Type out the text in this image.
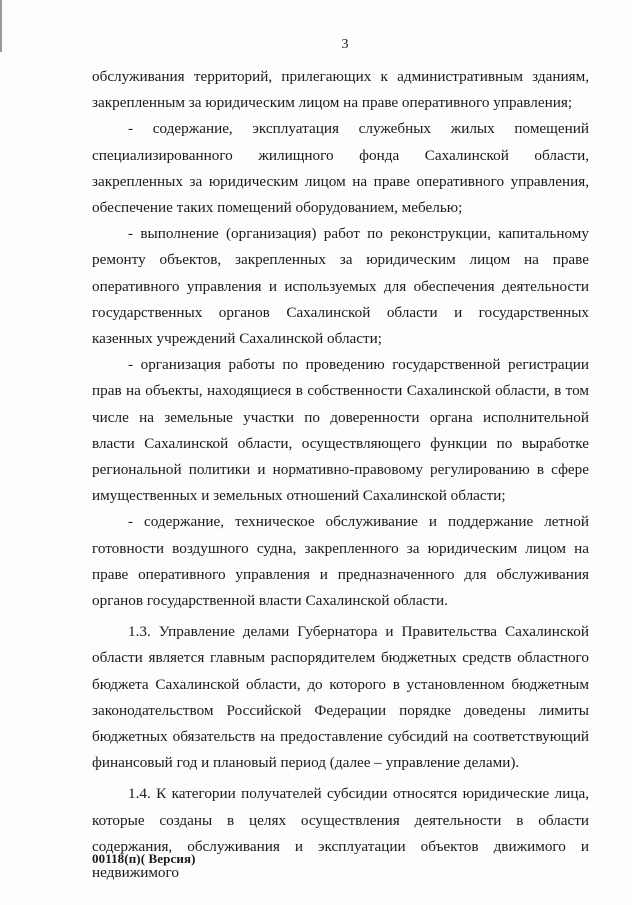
3

обслуживания территорий, прилегающих к административным зданиям, закрепленным за юридическим лицом на праве оперативного управления;

- содержание, эксплуатация служебных жилых помещений специализированного жилищного фонда Сахалинской области, закрепленных за юридическим лицом на праве оперативного управления, обеспечение таких помещений оборудованием, мебелью;

- выполнение (организация) работ по реконструкции, капитальному ремонту объектов, закрепленных за юридическим лицом на праве оперативного управления и используемых для обеспечения деятельности государственных органов Сахалинской области и государственных казенных учреждений Сахалинской области;

- организация работы по проведению государственной регистрации прав на объекты, находящиеся в собственности Сахалинской области, в том числе на земельные участки по доверенности органа исполнительной власти Сахалинской области, осуществляющего функции по выработке региональной политики и нормативно-правовому регулированию в сфере имущественных и земельных отношений Сахалинской области;

- содержание, техническое обслуживание и поддержание летной готовности воздушного судна, закрепленного за юридическим лицом на праве оперативного управления и предназначенного для обслуживания органов государственной власти Сахалинской области.

1.3. Управление делами Губернатора и Правительства Сахалинской области является главным распорядителем бюджетных средств областного бюджета Сахалинской области, до которого в установленном бюджетным законодательством Российской Федерации порядке доведены лимиты бюджетных обязательств на предоставление субсидий на соответствующий финансовый год и плановый период (далее – управление делами).

1.4. К категории получателей субсидии относятся юридические лица, которые созданы в целях осуществления деятельности в области содержания, обслуживания и эксплуатации объектов движимого и недвижимого

00118(п)( Версия)
